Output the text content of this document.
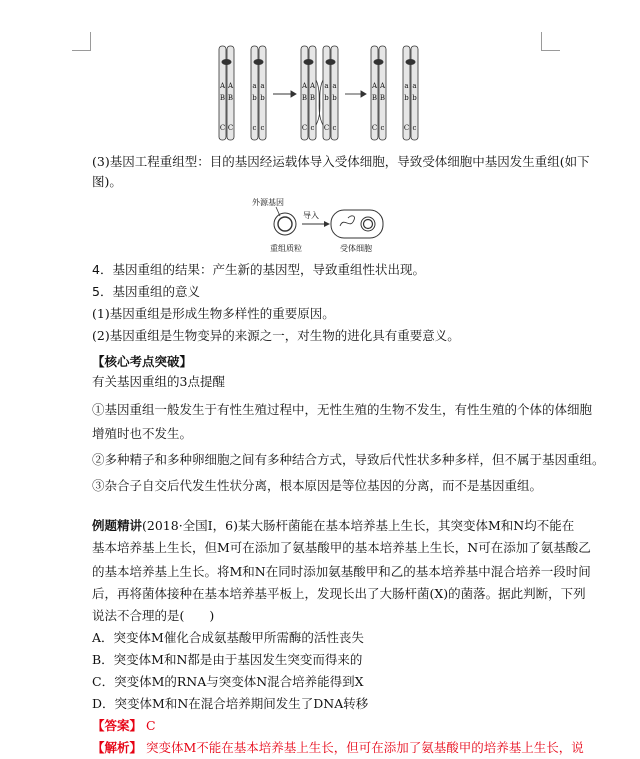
A A
B B
C C
a a
b b
c c
A A
B B
C c
a a
b b
C c
A A
B B
C c
a a
b b
C c
(3)基因工程重组型：目的基因经运载体导入受体细胞，导致受体细胞中基因发生重组(如下
图)。
外源基因
导入
重组质粒	受体细胞
4．基因重组的结果：产生新的基因型，导致重组性状出现。
5．基因重组的意义
(1)基因重组是形成生物多样性的重要原因。
(2)基因重组是生物变异的来源之一，对生物的进化具有重要意义。
【核心考点突破】
有关基因重组的3点提醒
①基因重组一般发生于有性生殖过程中，无性生殖的生物不发生，有性生殖的个体的体细胞
增殖时也不发生。
②多种精子和多种卵细胞之间有多种结合方式，导致后代性状多种多样，但不属于基因重组。
③杂合子自交后代发生性状分离，根本原因是等位基因的分离，而不是基因重组。
例题精讲(2018·全国Ⅰ，6)某大肠杆菌能在基本培养基上生长，其突变体M和N均不能在
基本培养基上生长，但M可在添加了氨基酸甲的基本培养基上生长，N可在添加了氨基酸乙
的基本培养基上生长。将M和N在同时添加氨基酸甲和乙的基本培养基中混合培养一段时间
后，再将菌体接种在基本培养基平板上，发现长出了大肠杆菌(X)的菌落。据此判断，下列
说法不合理的是(　　)
A．突变体M催化合成氨基酸甲所需酶的活性丧失
B．突变体M和N都是由于基因发生突变而得来的
C．突变体M的RNA与突变体N混合培养能得到X
D．突变体M和N在混合培养期间发生了DNA转移
【答案】 C
【解析】 突变体M不能在基本培养基上生长，但可在添加了氨基酸甲的培养基上生长，说
